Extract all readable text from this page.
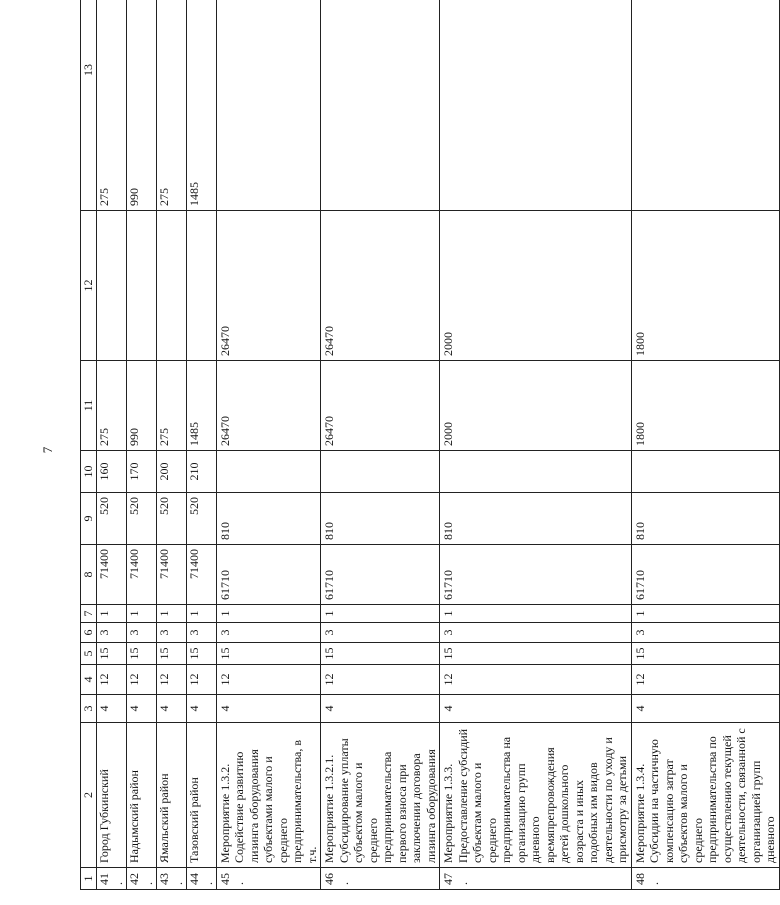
7
1	2	3	4	5	6	7	8	9	10	11	12	13
41.	Город Губкинский	4	12	15	3	1	71400	520	160	275		275
42.	Надымский район	4	12	15	3	1	71400	520	170	990		990
43.	Ямальский район	4	12	15	3	1	71400	520	200	275		275
44.	Тазовский район	4	12	15	3	1	71400	520	210	1485		1485
45.	Мероприятие 1.3.2. Содействие развитию лизинга оборудования субъектами малого и среднего предпринимательства, в т.ч.	4	12	15	3	1	61710	810		26470	26470	
46.	Мероприятие 1.3.2.1. Субсидирование уплаты субъектом малого и среднего предпринимательства первого взноса при заключении договора лизинга оборудования	4	12	15	3	1	61710	810		26470	26470	
47.	Мероприятие 1.3.3. Предоставление субсидий субъектам малого и среднего предпринимательства на организацию групп дневного времяпрепровождения детей дошкольного возраста и иных подобных им видов деятельности по уходу и присмотру за детьми	4	12	15	3	1	61710	810		2000	2000	
48.	Мероприятие 1.3.4. Субсидии на частичную компенсацию затрат субъектов малого и среднего предпринимательства по осуществлению текущей деятельности, связанной с организацией групп дневного	4	12	15	3	1	61710	810		1800	1800	
